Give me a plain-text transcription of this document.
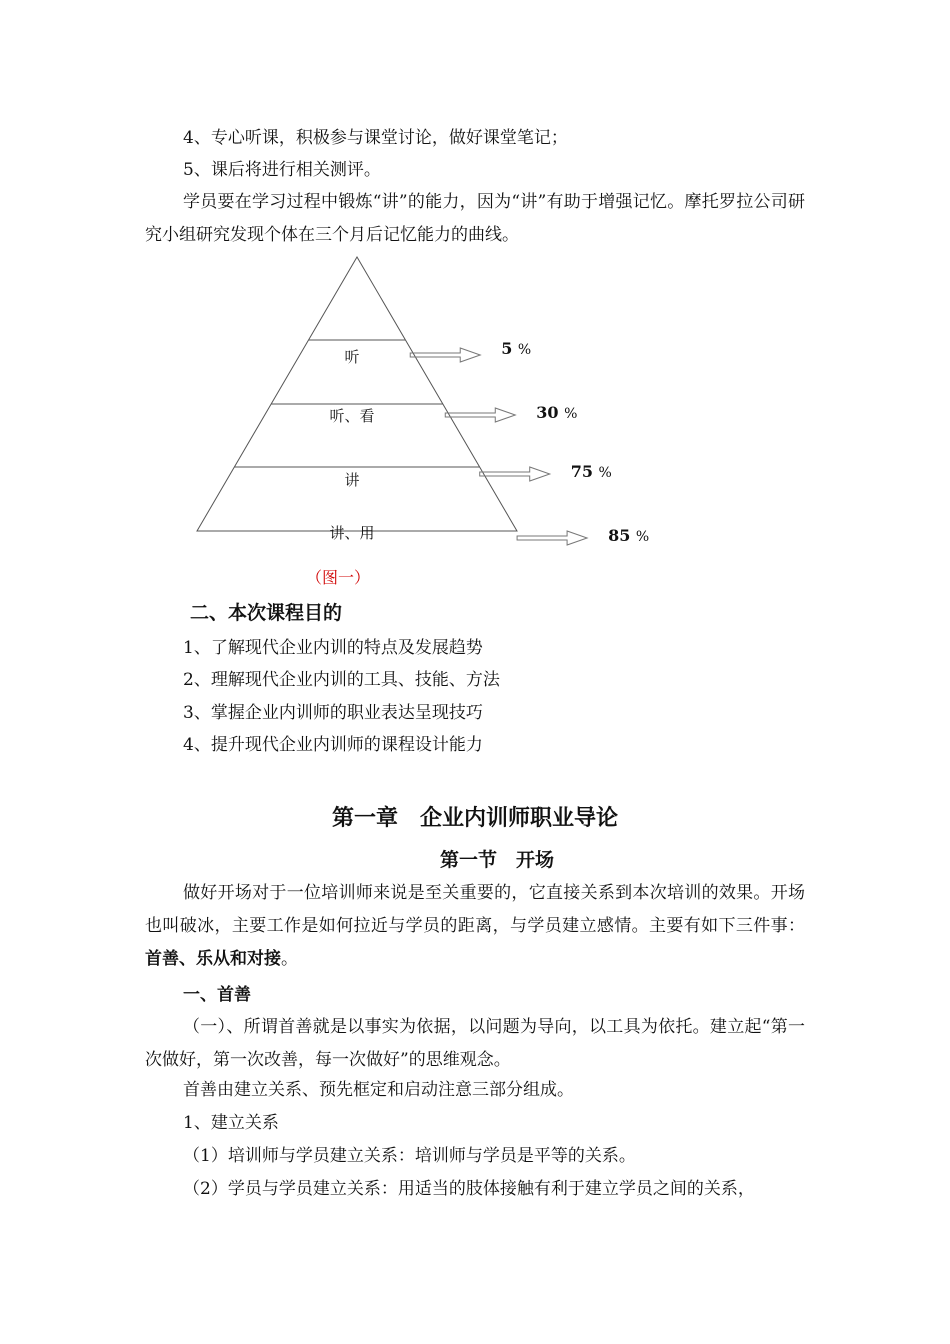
4、专心听课，积极参与课堂讨论，做好课堂笔记；
5、课后将进行相关测评。
学员要在学习过程中锻炼“讲”的能力，因为“讲”有助于增强记忆。摩托罗拉公司研究小组研究发现个体在三个月后记忆能力的曲线。
听	5 %
听、看	30 %
讲	75 %
讲、用	85 %
（图一）
二、本次课程目的
1、了解现代企业内训的特点及发展趋势
2、理解现代企业内训的工具、技能、方法
3、掌握企业内训师的职业表达呈现技巧
4、提升现代企业内训师的课程设计能力
第一章　企业内训师职业导论
第一节　开场
做好开场对于一位培训师来说是至关重要的，它直接关系到本次培训的效果。开场也叫破冰，主要工作是如何拉近与学员的距离，与学员建立感情。主要有如下三件事：首善、乐从和对接。
一、首善
（一）、所谓首善就是以事实为依据，以问题为导向，以工具为依托。建立起“第一次做好，第一次改善，每一次做好”的思维观念。
首善由建立关系、预先框定和启动注意三部分组成。
1、建立关系
（1）培训师与学员建立关系：培训师与学员是平等的关系。
（2）学员与学员建立关系：用适当的肢体接触有利于建立学员之间的关系，
